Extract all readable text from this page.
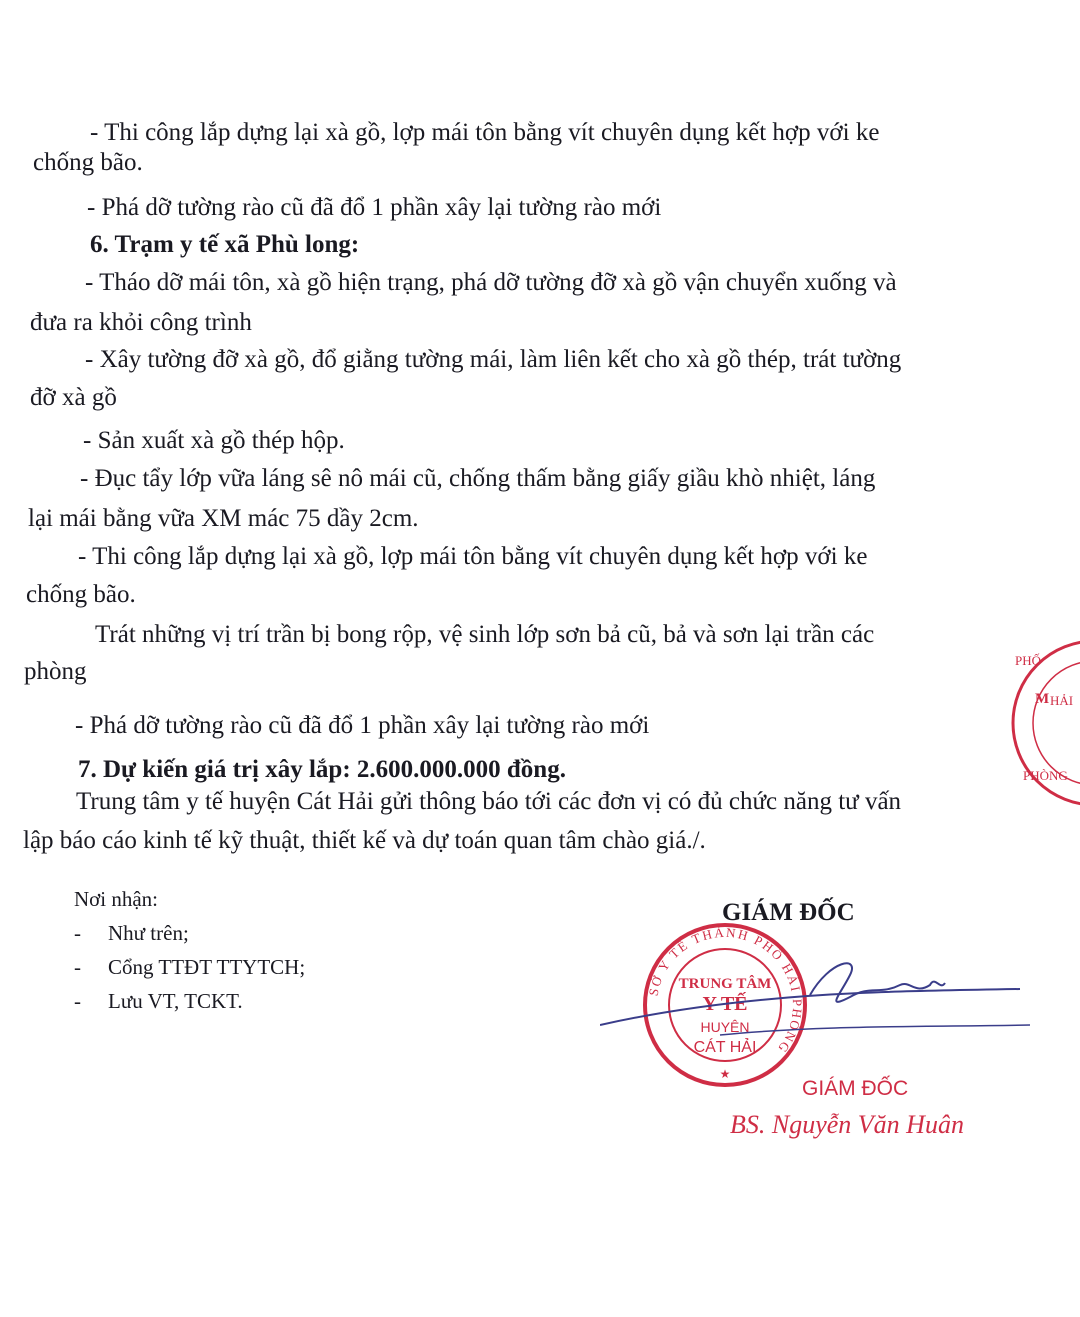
- Thi công lắp dựng lại xà gồ, lợp mái tôn bằng vít chuyên dụng kết hợp với ke
chống bão.
- Phá dỡ tường rào cũ đã đổ 1 phần xây lại tường rào mới
6. Trạm y tế xã Phù long:
- Tháo dỡ mái tôn, xà gồ hiện trạng, phá dỡ tường đỡ xà gồ vận chuyển xuống và
đưa ra khỏi công trình
- Xây tường đỡ xà gồ, đổ giằng tường mái, làm liên kết cho xà gồ thép, trát tường
đỡ xà gồ
- Sản xuất xà gồ thép hộp.
- Đục tẩy lớp vữa láng sê nô mái cũ, chống thấm bằng giấy giầu khò nhiệt, láng
lại mái bằng vữa XM mác 75 dầy 2cm.
- Thi công lắp dựng lại xà gồ, lợp mái tôn bằng vít chuyên dụng kết hợp với ke
chống bão.
Trát những vị trí trần bị bong rộp, vệ sinh lớp sơn bả cũ, bả và sơn lại trần các
phòng
- Phá dỡ tường rào cũ đã đổ 1 phần xây lại tường rào mới
7. Dự kiến giá trị xây lắp: 2.600.000.000 đồng.
Trung tâm y tế huyện Cát Hải gửi thông báo tới các đơn vị có đủ chức năng tư vấn
lập báo cáo kinh tế kỹ thuật, thiết kế và dự toán quan tâm chào giá./.
Nơi nhận:
- Như trên;
- Cổng TTĐT TTYTCH;
- Lưu VT, TCKT.
GIÁM ĐỐC
SỞ Y TẾ THÀNH PHỐ HẢI PHÒNG
TRUNG TÂM
Y TẾ
HUYỆN
CÁT HẢI
★
GIÁM ĐỐC
BS. Nguyễn Văn Huân
PHỐ
HẢI
PHÒNG
M
